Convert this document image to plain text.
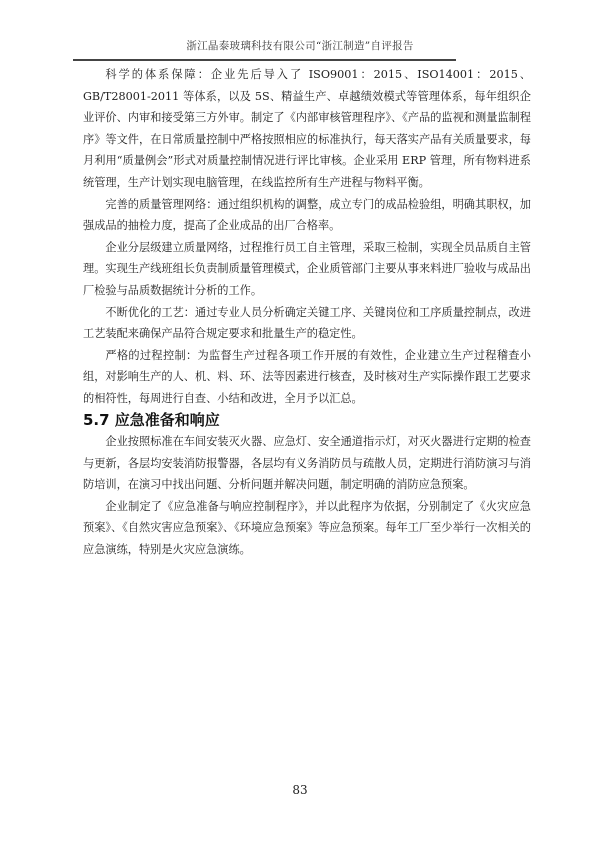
浙江晶泰玻璃科技有限公司“浙江制造”自评报告

科学的体系保障：企业先后导入了 ISO9001：2015、ISO14001：2015、GB/T28001-2011 等体系，以及 5S、精益生产、卓越绩效模式等管理体系，每年组织企业评价、内审和接受第三方外审。制定了《内部审核管理程序》、《产品的监视和测量监制程序》等文件，在日常质量控制中严格按照相应的标准执行，每天落实产品有关质量要求，每月利用“质量例会”形式对质量控制情况进行评比审核。企业采用 ERP 管理，所有物料进系统管理，生产计划实现电脑管理，在线监控所有生产进程与物料平衡。

完善的质量管理网络：通过组织机构的调整，成立专门的成品检验组，明确其职权，加强成品的抽检力度，提高了企业成品的出厂合格率。

企业分层级建立质量网络，过程推行员工自主管理，采取三检制，实现全员品质自主管理。实现生产线班组长负责制质量管理模式，企业质管部门主要从事来料进厂验收与成品出厂检验与品质数据统计分析的工作。

不断优化的工艺：通过专业人员分析确定关键工序、关键岗位和工序质量控制点，改进工艺装配来确保产品符合规定要求和批量生产的稳定性。

严格的过程控制：为监督生产过程各项工作开展的有效性，企业建立生产过程稽查小组，对影响生产的人、机、料、环、法等因素进行核查，及时核对生产实际操作跟工艺要求的相符性，每周进行自查、小结和改进，全月予以汇总。

5.7 应急准备和响应

企业按照标准在车间安装灭火器、应急灯、安全通道指示灯，对灭火器进行定期的检查与更新，各层均安装消防报警器，各层均有义务消防员与疏散人员，定期进行消防演习与消防培训，在演习中找出问题、分析问题并解决问题，制定明确的消防应急预案。

企业制定了《应急准备与响应控制程序》，并以此程序为依据，分别制定了《火灾应急预案》、《自然灾害应急预案》、《环境应急预案》等应急预案。每年工厂至少举行一次相关的应急演练，特别是火灾应急演练。

83
